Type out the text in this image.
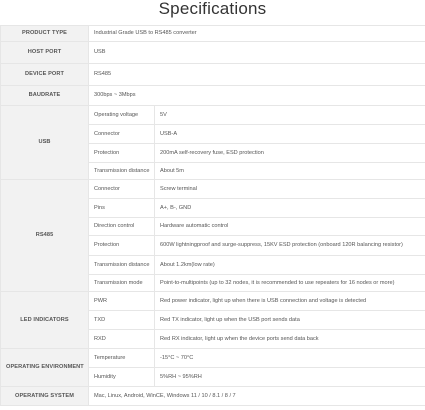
Specifications
PRODUCT TYPE	Industrial Grade USB to RS485 converter	
HOST PORT	USB	
DEVICE PORT	RS485	
BAUDRATE	300bps ~ 3Mbps	
USB	Operating voltage	5V
	Connector	USB-A
	Protection	200mA self-recovery fuse, ESD protection
	Transmission distance	About 5m
RS485	Connector	Screw terminal
	Pins	A+, B-, GND
	Direction control	Hardware automatic control
	Protection	600W lightningproof and surge-suppress, 15KV ESD protection (onboard 120R balancing resistor)
	Transmission distance	About 1.2km(low rate)
	Transmission mode	Point-to-multipoints (up to 32 nodes, it is recommended to use repeaters for 16 nodes or more)
LED INDICATORS	PWR	Red power indicator, light up when there is USB connection and voltage is detected
	TXD	Red TX indicator, light up when the USB port sends data
	RXD	Red RX indicator, light up when the device ports send data back
OPERATING ENVIRONMENT	Temperature	-15°C ~ 70°C
	Humidity	5%RH ~ 95%RH
OPERATING SYSTEM	Mac, Linux, Android, WinCE, Windows 11 / 10 / 8.1 / 8 / 7	
